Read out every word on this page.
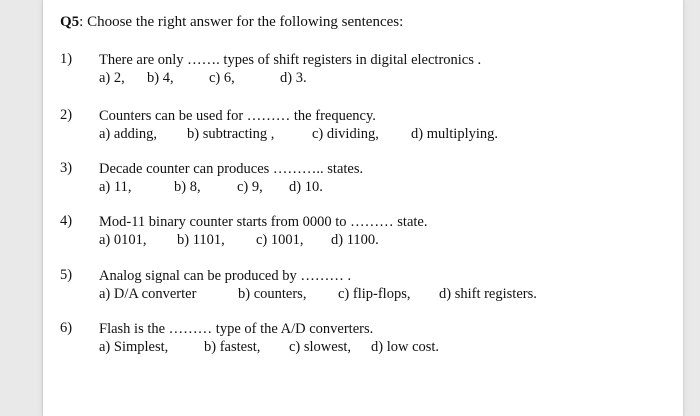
Q5: Choose the right answer for the following sentences:
1) There are only ……. types of shift registers in digital electronics .
a) 2, b) 4, c) 6,	d) 3.
2) Counters can be used for ……… the frequency.
a) adding, b) subtracting ,	c) dividing, d) multiplying.
3) Decade counter can produces ……….. states.
a) 11,	b) 8,	c) 9, d) 10.
4) Mod-11 binary counter starts from 0000 to ……… state.
a) 0101, b) 1101, c) 1001, d) 1100.
5) Analog signal can be produced by ……… .
a) D/A converter	b) counters, c) flip-flops, d) shift registers.
6) Flash is the ……… type of the A/D converters.
a) Simplest, b) fastest, c) slowest, d) low cost.
